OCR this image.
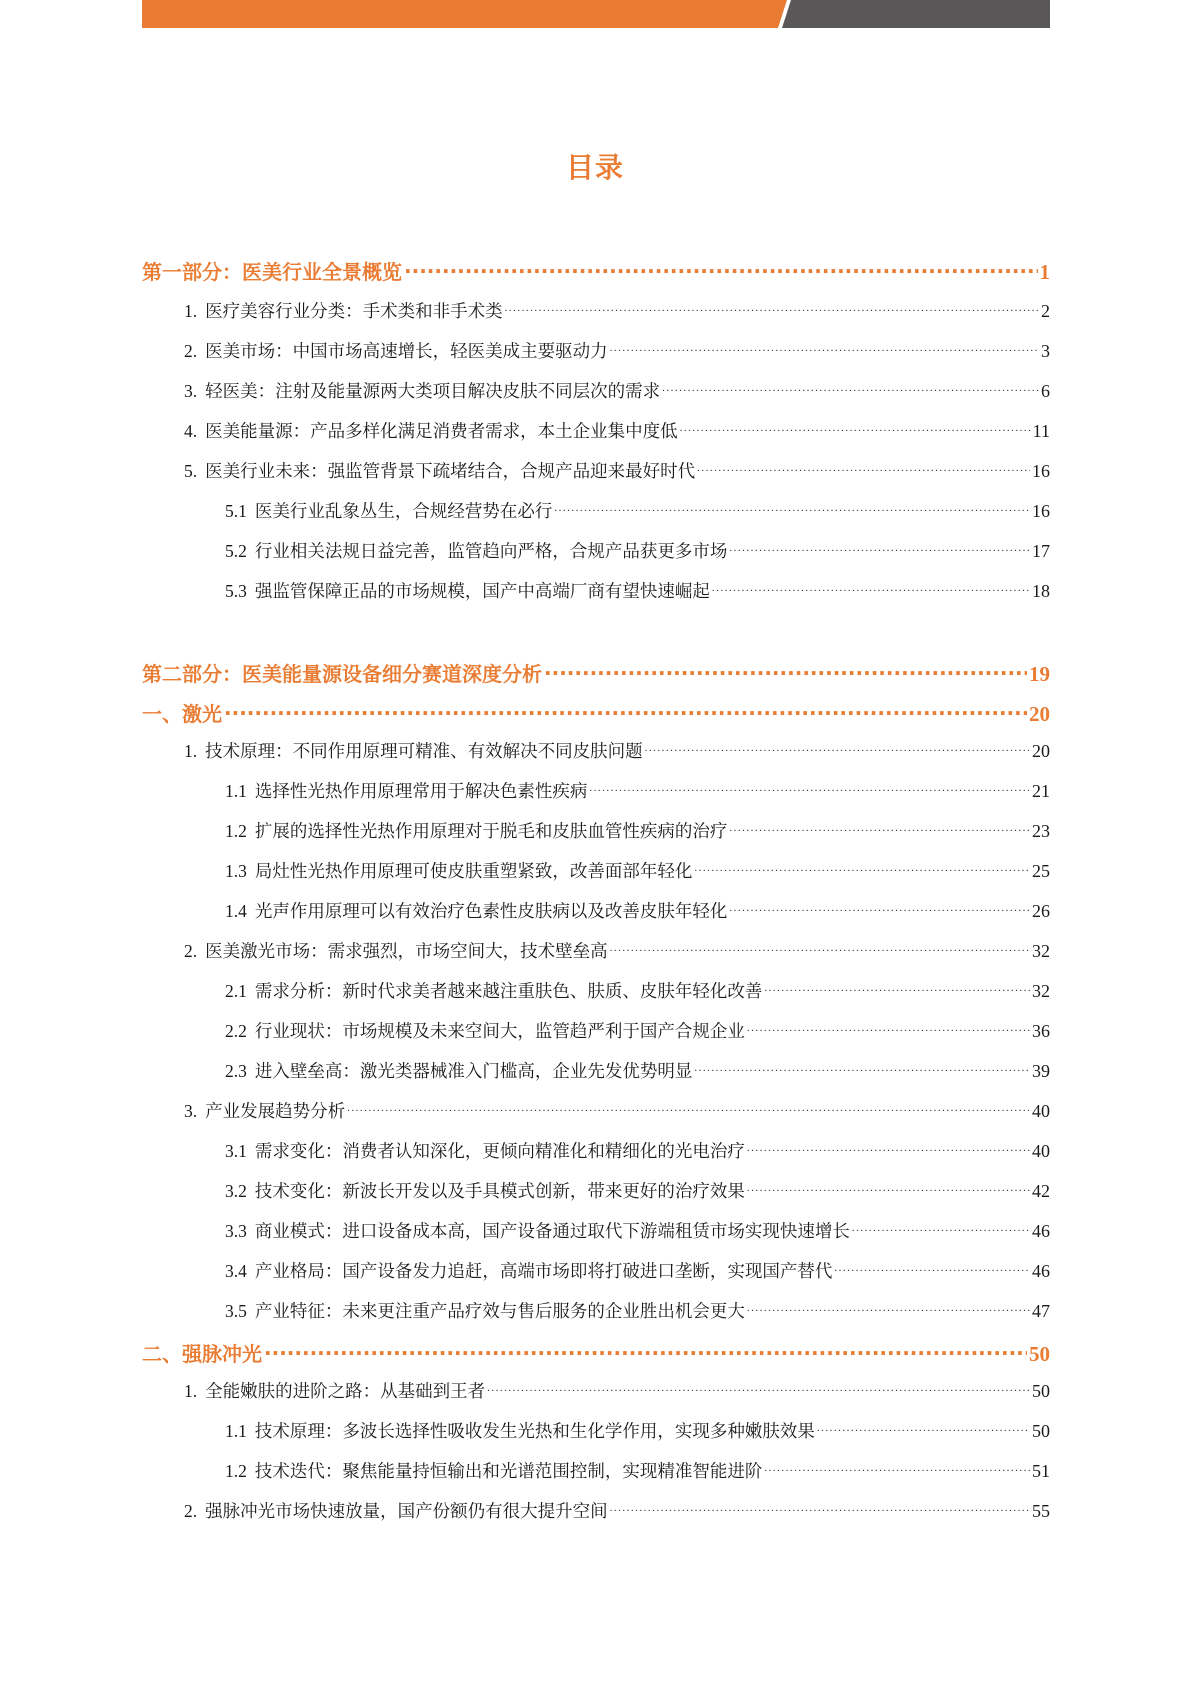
目录
第一部分：医美行业全景概览 .....	1
1. 医疗美容行业分类：手术类和非手术类 .....	2
2. 医美市场：中国市场高速增长，轻医美成主要驱动力 .....	3
3. 轻医美：注射及能量源两大类项目解决皮肤不同层次的需求 .....	6
4. 医美能量源：产品多样化满足消费者需求，本土企业集中度低 .....	11
5. 医美行业未来：强监管背景下疏堵结合，合规产品迎来最好时代 .....	16
5.1 医美行业乱象丛生，合规经营势在必行 .....	16
5.2 行业相关法规日益完善，监管趋向严格，合规产品获更多市场 .....	17
5.3 强监管保障正品的市场规模，国产中高端厂商有望快速崛起 .....	18
第二部分：医美能量源设备细分赛道深度分析 .....	19
一、激光 .....	20
1. 技术原理：不同作用原理可精准、有效解决不同皮肤问题 .....	20
1.1 选择性光热作用原理常用于解决色素性疾病 .....	21
1.2 扩展的选择性光热作用原理对于脱毛和皮肤血管性疾病的治疗 .....	23
1.3 局灶性光热作用原理可使皮肤重塑紧致，改善面部年轻化 .....	25
1.4 光声作用原理可以有效治疗色素性皮肤病以及改善皮肤年轻化 .....	26
2. 医美激光市场：需求强烈，市场空间大，技术壁垒高 .....	32
2.1 需求分析：新时代求美者越来越注重肤色、肤质、皮肤年轻化改善 .....	32
2.2 行业现状：市场规模及未来空间大，监管趋严利于国产合规企业 .....	36
2.3 进入壁垒高：激光类器械准入门槛高，企业先发优势明显 .....	39
3. 产业发展趋势分析 .....	40
3.1 需求变化：消费者认知深化，更倾向精准化和精细化的光电治疗 .....	40
3.2 技术变化：新波长开发以及手具模式创新，带来更好的治疗效果 .....	42
3.3 商业模式：进口设备成本高，国产设备通过取代下游端租赁市场实现快速增长 .....	46
3.4 产业格局：国产设备发力追赶，高端市场即将打破进口垄断，实现国产替代 .....	46
3.5 产业特征：未来更注重产品疗效与售后服务的企业胜出机会更大 .....	47
二、强脉冲光 .....	50
1. 全能嫩肤的进阶之路：从基础到王者 .....	50
1.1 技术原理：多波长选择性吸收发生光热和生化学作用，实现多种嫩肤效果 .....	50
1.2 技术迭代：聚焦能量持恒输出和光谱范围控制，实现精准智能进阶 .....	51
2. 强脉冲光市场快速放量，国产份额仍有很大提升空间 .....	55
